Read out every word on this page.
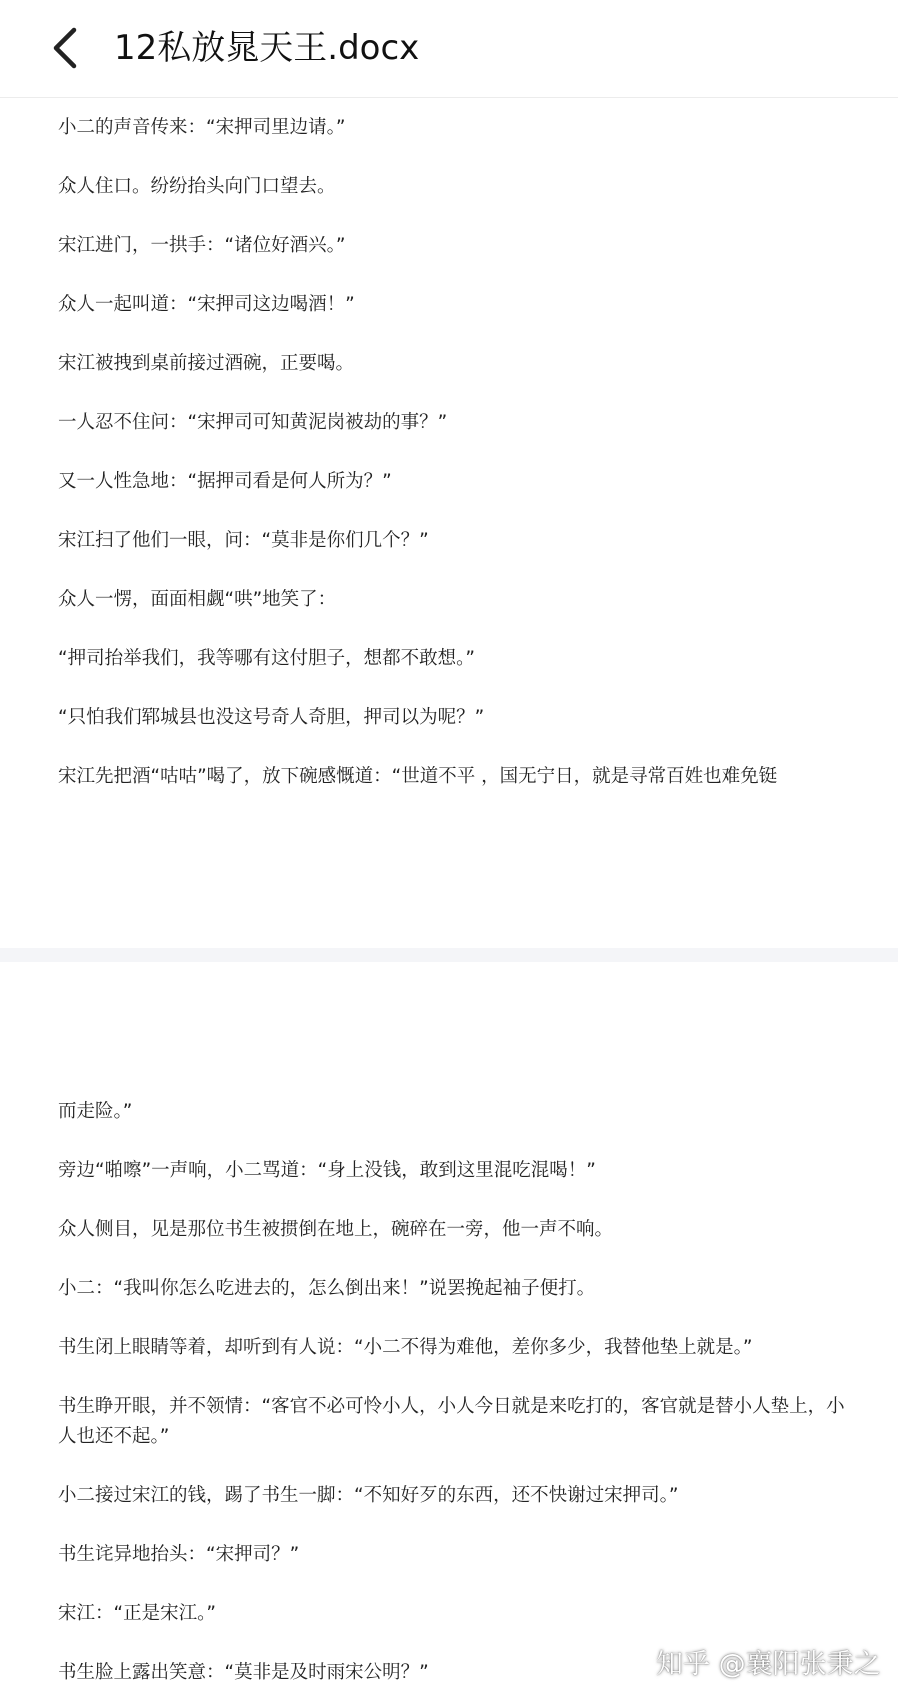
12私放晁天王.docx

小二的声音传来：“宋押司里边请。”

众人住口。纷纷抬头向门口望去。

宋江进门，一拱手：“诸位好酒兴。”

众人一起叫道：“宋押司这边喝酒！”

宋江被拽到桌前接过酒碗，正要喝。

一人忍不住问：“宋押司可知黄泥岗被劫的事？”

又一人性急地：“据押司看是何人所为？”

宋江扫了他们一眼，问：“莫非是你们几个？”

众人一愣，面面相觑“哄”地笑了：

“押司抬举我们，我等哪有这付胆子，想都不敢想。”

“只怕我们郓城县也没这号奇人奇胆，押司以为呢？”

宋江先把酒“咕咕”喝了，放下碗感慨道：“世道不平 ，国无宁日，就是寻常百姓也难免铤

而走险。”

旁边“啪嚓”一声响，小二骂道：“身上没钱，敢到这里混吃混喝！”

众人侧目，见是那位书生被掼倒在地上，碗碎在一旁，他一声不响。

小二：“我叫你怎么吃进去的，怎么倒出来！”说罢挽起袖子便打。

书生闭上眼睛等着，却听到有人说：“小二不得为难他，差你多少，我替他垫上就是。”

书生睁开眼，并不领情：“客官不必可怜小人，小人今日就是来吃打的，客官就是替小人垫上，小人也还不起。”

小二接过宋江的钱，踢了书生一脚：“不知好歹的东西，还不快谢过宋押司。”

书生诧异地抬头：“宋押司？”

宋江：“正是宋江。”

书生脸上露出笑意：“莫非是及时雨宋公明？”	知乎 @襄阳张秉之
